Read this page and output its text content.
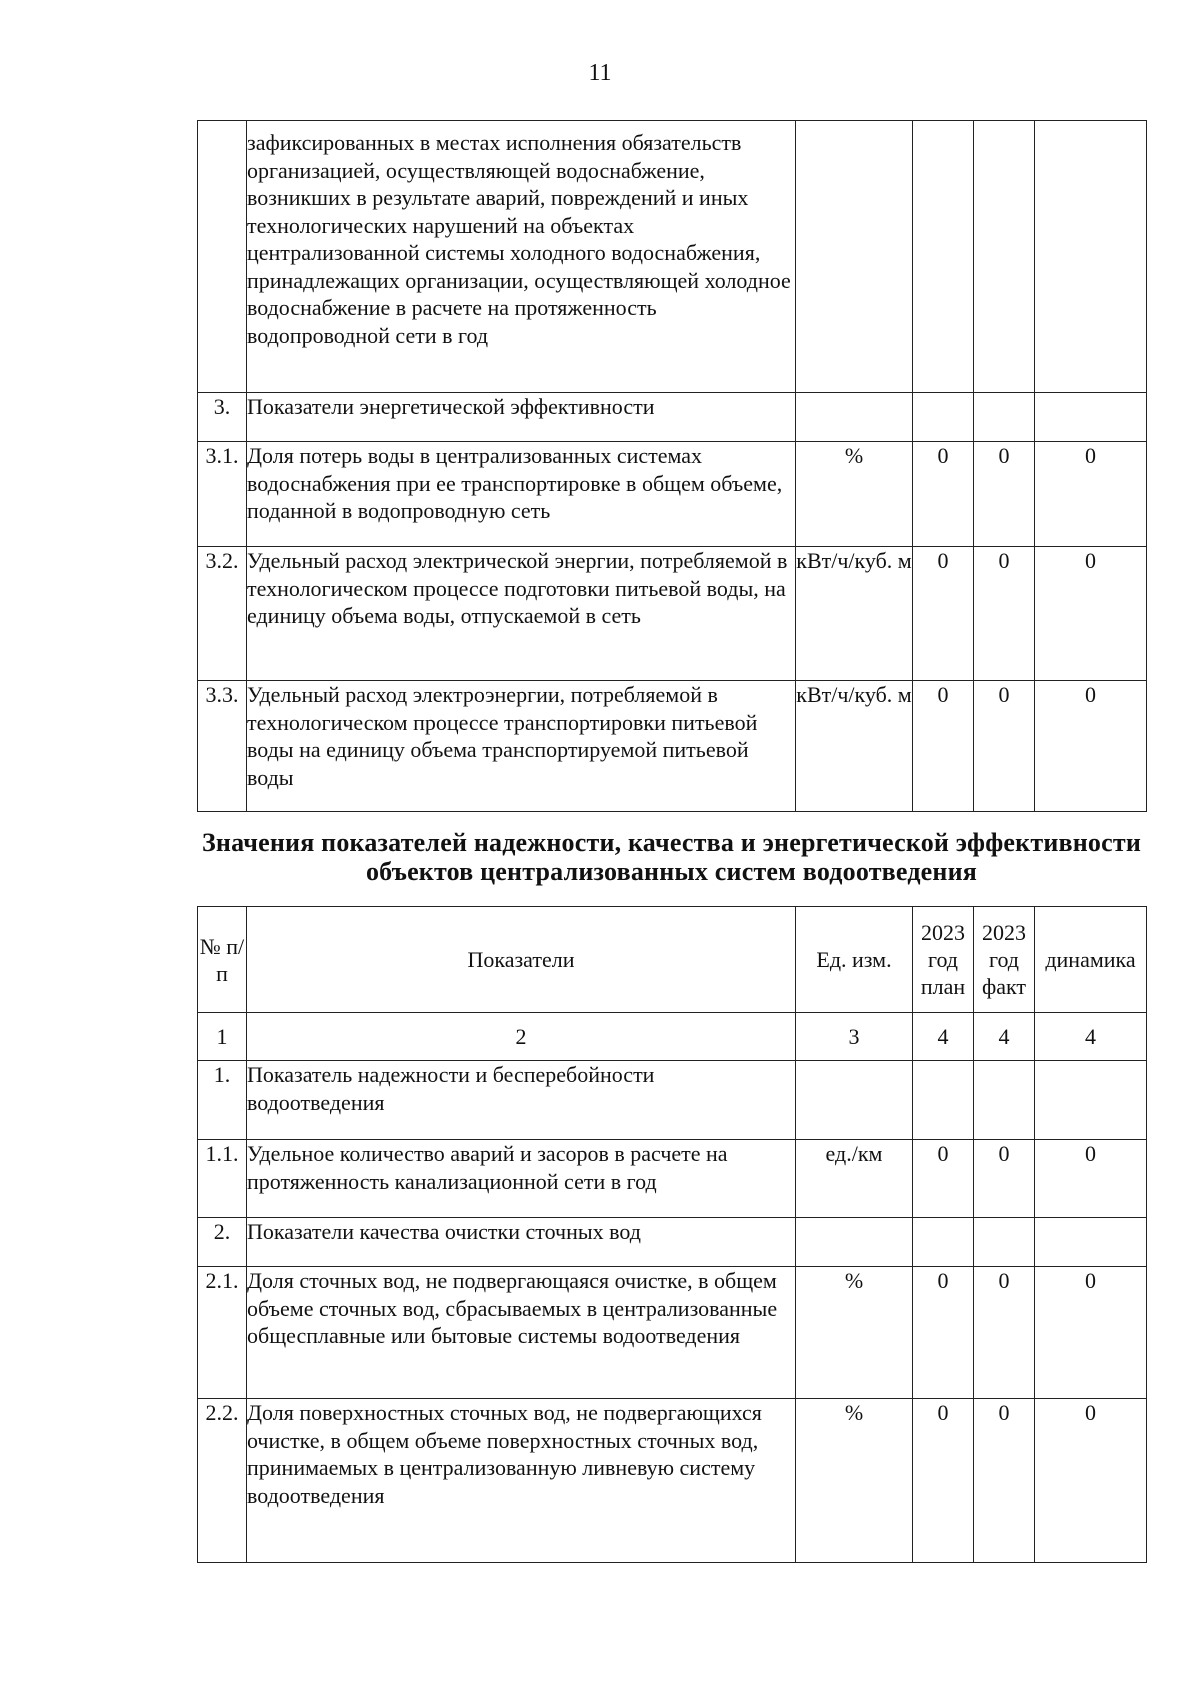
11
	зафиксированных в местах исполнения обязательств организацией, осуществляющей водоснабжение, возникших в результате аварий, повреждений и иных технологических нарушений на объектах централизованной системы холодного водоснабжения, принадлежащих организации, осуществляющей холодное водоснабжение в расчете на протяженность водопроводной сети в год				
3.	Показатели энергетической эффективности				
3.1.	Доля потерь воды в централизованных системах водоснабжения при ее транспортировке в общем объеме, поданной в водопроводную сеть	%	0	0	0
3.2.	Удельный расход электрической энергии, потребляемой в технологическом процессе подготовки питьевой воды, на единицу объема воды, отпускаемой в сеть	кВт/ч/куб. м	0	0	0
3.3.	Удельный расход электроэнергии, потребляемой в технологическом процессе транспортировки питьевой воды на единицу объема транспортируемой питьевой воды	кВт/ч/куб. м	0	0	0
Значения показателей надежности, качества и энергетической эффективности объектов централизованных систем водоотведения
№ п/п	Показатели	Ед. изм.	2023 год план	2023 год факт	динамика
1	2	3	4	4	4
1.	Показатель надежности и бесперебойности водоотведения				
1.1.	Удельное количество аварий и засоров в расчете на протяженность канализационной сети в год	ед./км	0	0	0
2.	Показатели качества очистки сточных вод				
2.1.	Доля сточных вод, не подвергающаяся очистке, в общем объеме сточных вод, сбрасываемых в централизованные общесплавные или бытовые системы водоотведения	%	0	0	0
2.2.	Доля поверхностных сточных вод, не подвергающихся очистке, в общем объеме поверхностных сточных вод, принимаемых в централизованную ливневую систему водоотведения	%	0	0	0
